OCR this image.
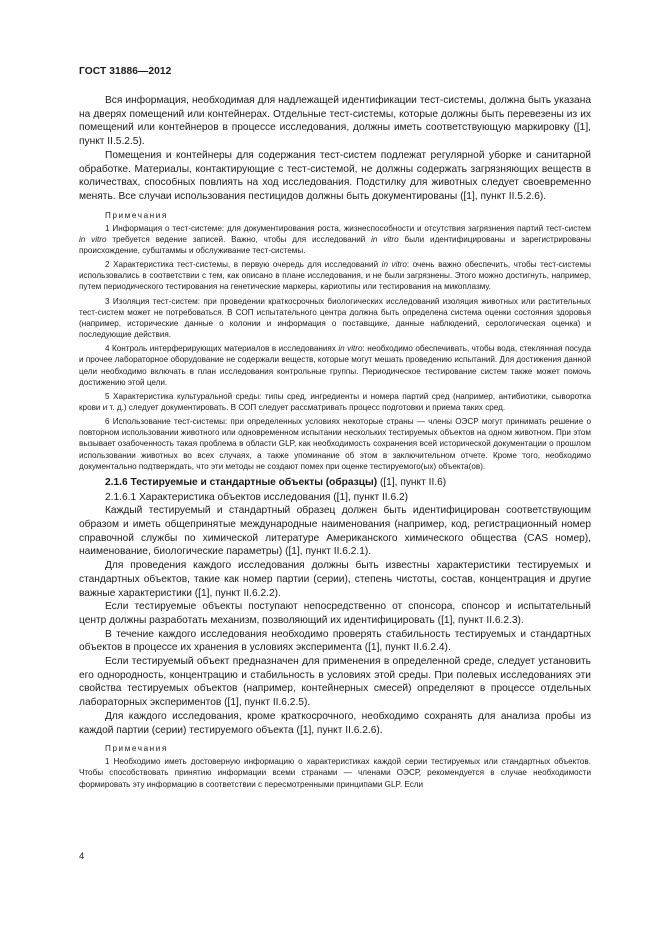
ГОСТ 31886—2012

Вся информация, необходимая для надлежащей идентификации тест-системы, должна быть указана на дверях помещений или контейнерах. Отдельные тест-системы, которые должны быть перевезены из их помещений или контейнеров в процессе исследования, должны иметь соответствующую маркировку ([1], пункт II.5.2.5).

Помещения и контейнеры для содержания тест-систем подлежат регулярной уборке и санитарной обработке. Материалы, контактирующие с тест-системой, не должны содержать загрязняющих веществ в количествах, способных повлиять на ход исследования. Подстилку для животных следует своевременно менять. Все случаи использования пестицидов должны быть документированы ([1], пункт II.5.2.6).

Примечания

1 Информация о тест-системе: для документирования роста, жизнеспособности и отсутствия загрязнения партий тест-систем in vitro требуется ведение записей. Важно, чтобы для исследований in vitro были идентифицированы и зарегистрированы происхождение, субштаммы и обслуживание тест-системы.

2 Характеристика тест-системы, в первую очередь для исследований in vitro: очень важно обеспечить, чтобы тест-системы использовались в соответствии с тем, как описано в плане исследования, и не были загрязнены. Этого можно достигнуть, например, путем периодического тестирования на генетические маркеры, кариотипы или тестирования на микоплазму.

3 Изоляция тест-систем: при проведении краткосрочных биологических исследований изоляция животных или растительных тест-систем может не потребоваться. В СОП испытательного центра должна быть определена система оценки состояния здоровья (например, исторические данные о колонии и информация о поставщике, данные наблюдений, серологическая оценка) и последующие действия.

4 Контроль интерферирующих материалов в исследованиях in vitro: необходимо обеспечивать, чтобы вода, стеклянная посуда и прочее лабораторное оборудование не содержали веществ, которые могут мешать проведению испытаний. Для достижения данной цели необходимо включать в план исследования контрольные группы. Периодическое тестирование систем также может помочь достижению этой цели.

5 Характеристика культуральной среды: типы сред, ингредиенты и номера партий сред (например, антибиотики, сыворотка крови и т. д.) следует документировать. В СОП следует рассматривать процесс подготовки и приема таких сред.

6 Использование тест-системы: при определенных условиях некоторые страны — члены ОЭСР могут принимать решение о повторном использовании животного или одновременном испытании нескольких тестируемых объектов на одном животном. При этом вызывает озабоченность такая проблема в области GLP, как необходимость сохранения всей исторической документации о прошлом использовании животных во всех случаях, а также упоминание об этом в заключительном отчете. Кроме того, необходимо документально подтверждать, что эти методы не создают помех при оценке тестируемого(ых) объекта(ов).

2.1.6 Тестируемые и стандартные объекты (образцы) ([1], пункт II.6)

2.1.6.1 Характеристика объектов исследования ([1], пункт II.6.2)

Каждый тестируемый и стандартный образец должен быть идентифицирован соответствующим образом и иметь общепринятые международные наименования (например, код, регистрационный номер справочной службы по химической литературе Американского химического общества (CAS номер), наименование, биологические параметры) ([1], пункт II.6.2.1).

Для проведения каждого исследования должны быть известны характеристики тестируемых и стандартных объектов, такие как номер партии (серии), степень чистоты, состав, концентрация и другие важные характеристики ([1], пункт II.6.2.2).

Если тестируемые объекты поступают непосредственно от спонсора, спонсор и испытательный центр должны разработать механизм, позволяющий их идентифицировать ([1], пункт II.6.2.3).

В течение каждого исследования необходимо проверять стабильность тестируемых и стандартных объектов в процессе их хранения в условиях эксперимента ([1], пункт II.6.2.4).

Если тестируемый объект предназначен для применения в определенной среде, следует установить его однородность, концентрацию и стабильность в условиях этой среды. При полевых исследованиях эти свойства тестируемых объектов (например, контейнерных смесей) определяют в процессе отдельных лабораторных экспериментов ([1], пункт II.6.2.5).

Для каждого исследования, кроме краткосрочного, необходимо сохранять для анализа пробы из каждой партии (серии) тестируемого объекта ([1], пункт II.6.2.6).

Примечания

1 Необходимо иметь достоверную информацию о характеристиках каждой серии тестируемых или стандартных объектов. Чтобы способствовать принятию информации всеми странами — членами ОЭСР, рекомендуется в случае необходимости формировать эту информацию в соответствии с пересмотренными принципами GLP. Если

4
